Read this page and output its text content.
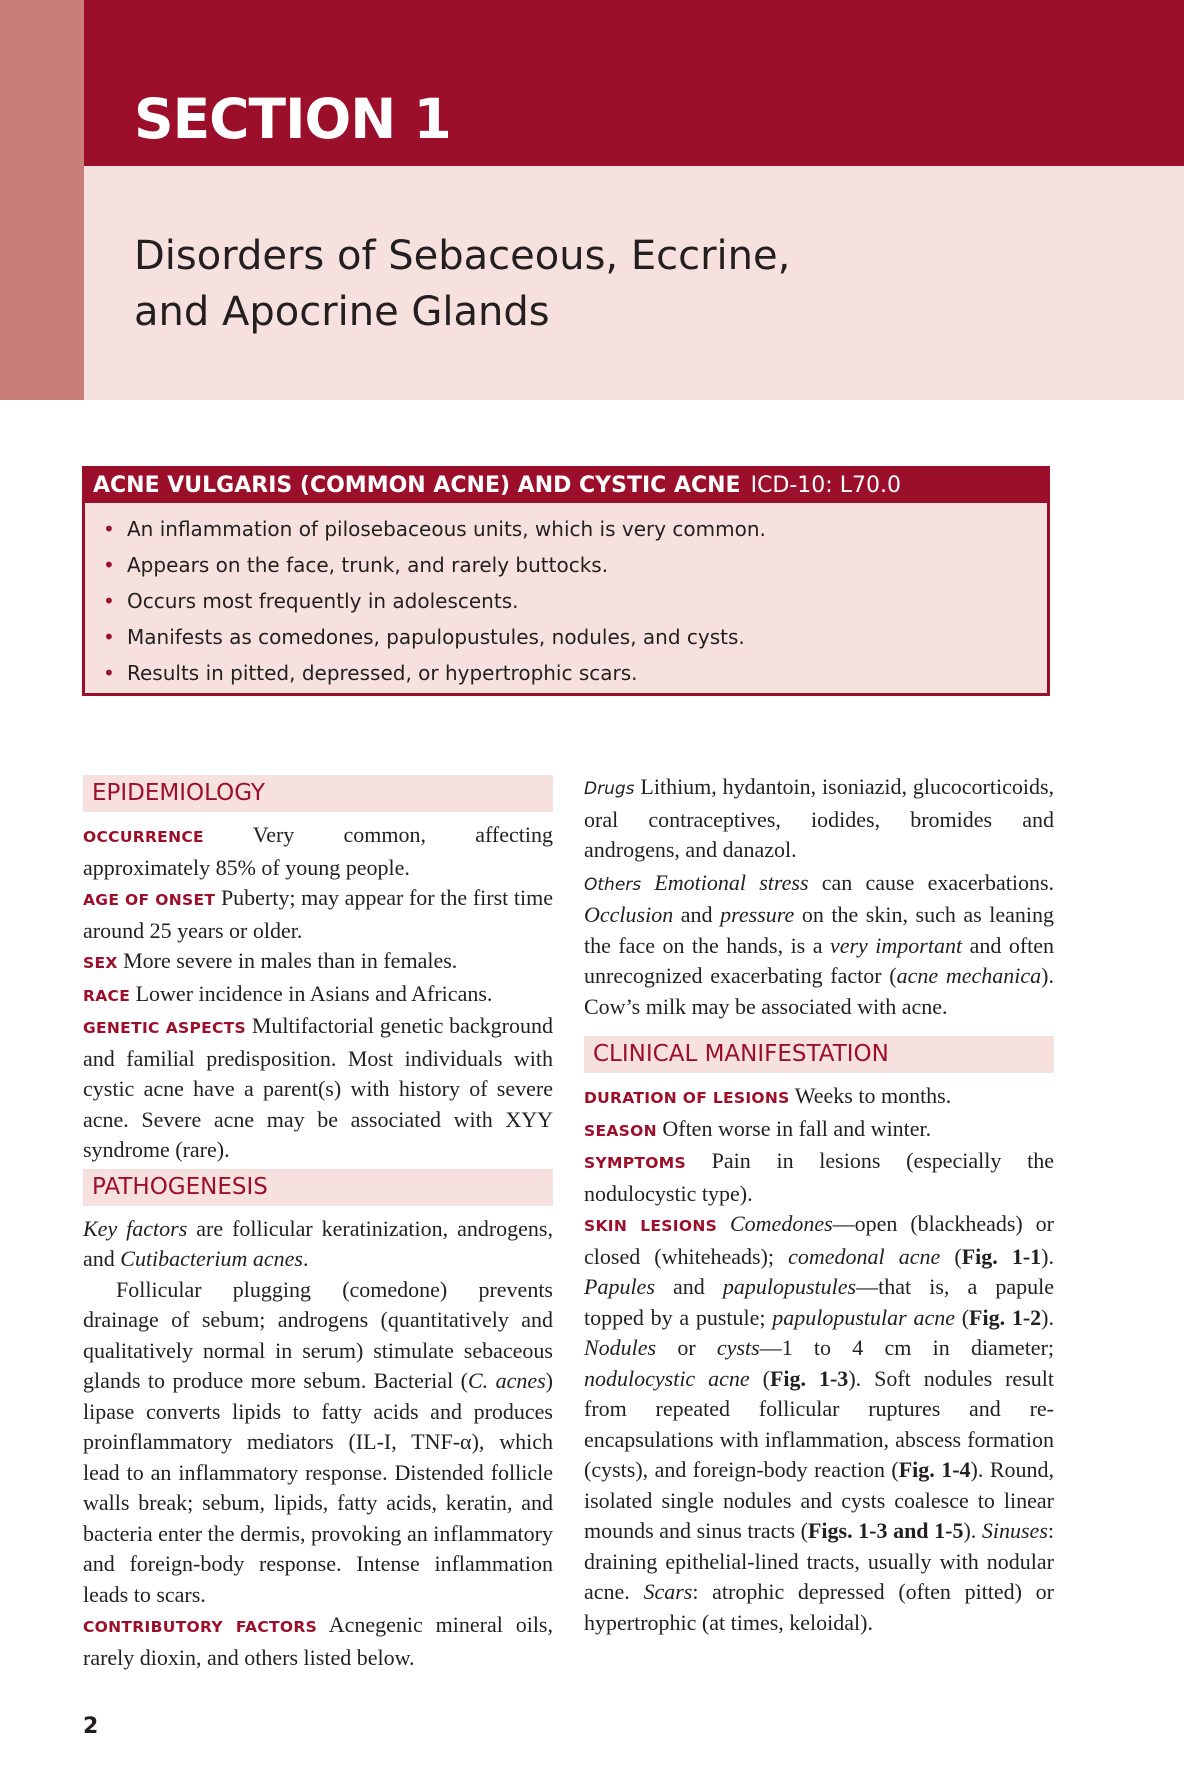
SECTION 1
Disorders of Sebaceous, Eccrine,
and Apocrine Glands
ACNE VULGARIS (COMMON ACNE) AND CYSTIC ACNE ICD-10: L70.0
• An inflammation of pilosebaceous units, which is very common.
• Appears on the face, trunk, and rarely buttocks.
• Occurs most frequently in adolescents.
• Manifests as comedones, papulopustules, nodules, and cysts.
• Results in pitted, depressed, or hypertrophic scars.
EPIDEMIOLOGY

OCCURRENCE Very common, affecting approximately 85% of young people.

AGE OF ONSET Puberty; may appear for the first time around 25 years or older.

SEX More severe in males than in females.

RACE Lower incidence in Asians and Africans.

GENETIC ASPECTS Multifactorial genetic background and familial predisposition. Most individuals with cystic acne have a parent(s) with history of severe acne. Severe acne may be associated with XYY syndrome (rare).

PATHOGENESIS

Key factors are follicular keratinization, androgens, and Cutibacterium acnes.

Follicular plugging (comedone) prevents drainage of sebum; androgens (quantitatively and qualitatively normal in serum) stimulate sebaceous glands to produce more sebum. Bacterial (C. acnes) lipase converts lipids to fatty acids and produces proinflammatory mediators (IL-I, TNF-α), which lead to an inflammatory response. Distended follicle walls break; sebum, lipids, fatty acids, keratin, and bacteria enter the dermis, provoking an inflammatory and foreign-body response. Intense inflammation leads to scars.

CONTRIBUTORY FACTORS Acnegenic mineral oils, rarely dioxin, and others listed below.

Drugs Lithium, hydantoin, isoniazid, glucocorticoids, oral contraceptives, iodides, bromides and androgens, and danazol.

Others Emotional stress can cause exacerbations. Occlusion and pressure on the skin, such as leaning the face on the hands, is a very important and often unrecognized exacerbating factor (acne mechanica). Cow’s milk may be associated with acne.

CLINICAL MANIFESTATION

DURATION OF LESIONS Weeks to months.

SEASON Often worse in fall and winter.

SYMPTOMS Pain in lesions (especially the nodulocystic type).

SKIN LESIONS Comedones—open (blackheads) or closed (whiteheads); comedonal acne (Fig. 1-1). Papules and papulopustules—that is, a papule topped by a pustule; papulopustular acne (Fig. 1-2). Nodules or cysts—1 to 4 cm in diameter; nodulocystic acne (Fig. 1-3). Soft nodules result from repeated follicular ruptures and re-encapsulations with inflammation, abscess formation (cysts), and foreign-body reaction (Fig. 1-4). Round, isolated single nodules and cysts coalesce to linear mounds and sinus tracts (Figs. 1-3 and 1-5). Sinuses: draining epithelial-lined tracts, usually with nodular acne. Scars: atrophic depressed (often pitted) or hypertrophic (at times, keloidal).

2
